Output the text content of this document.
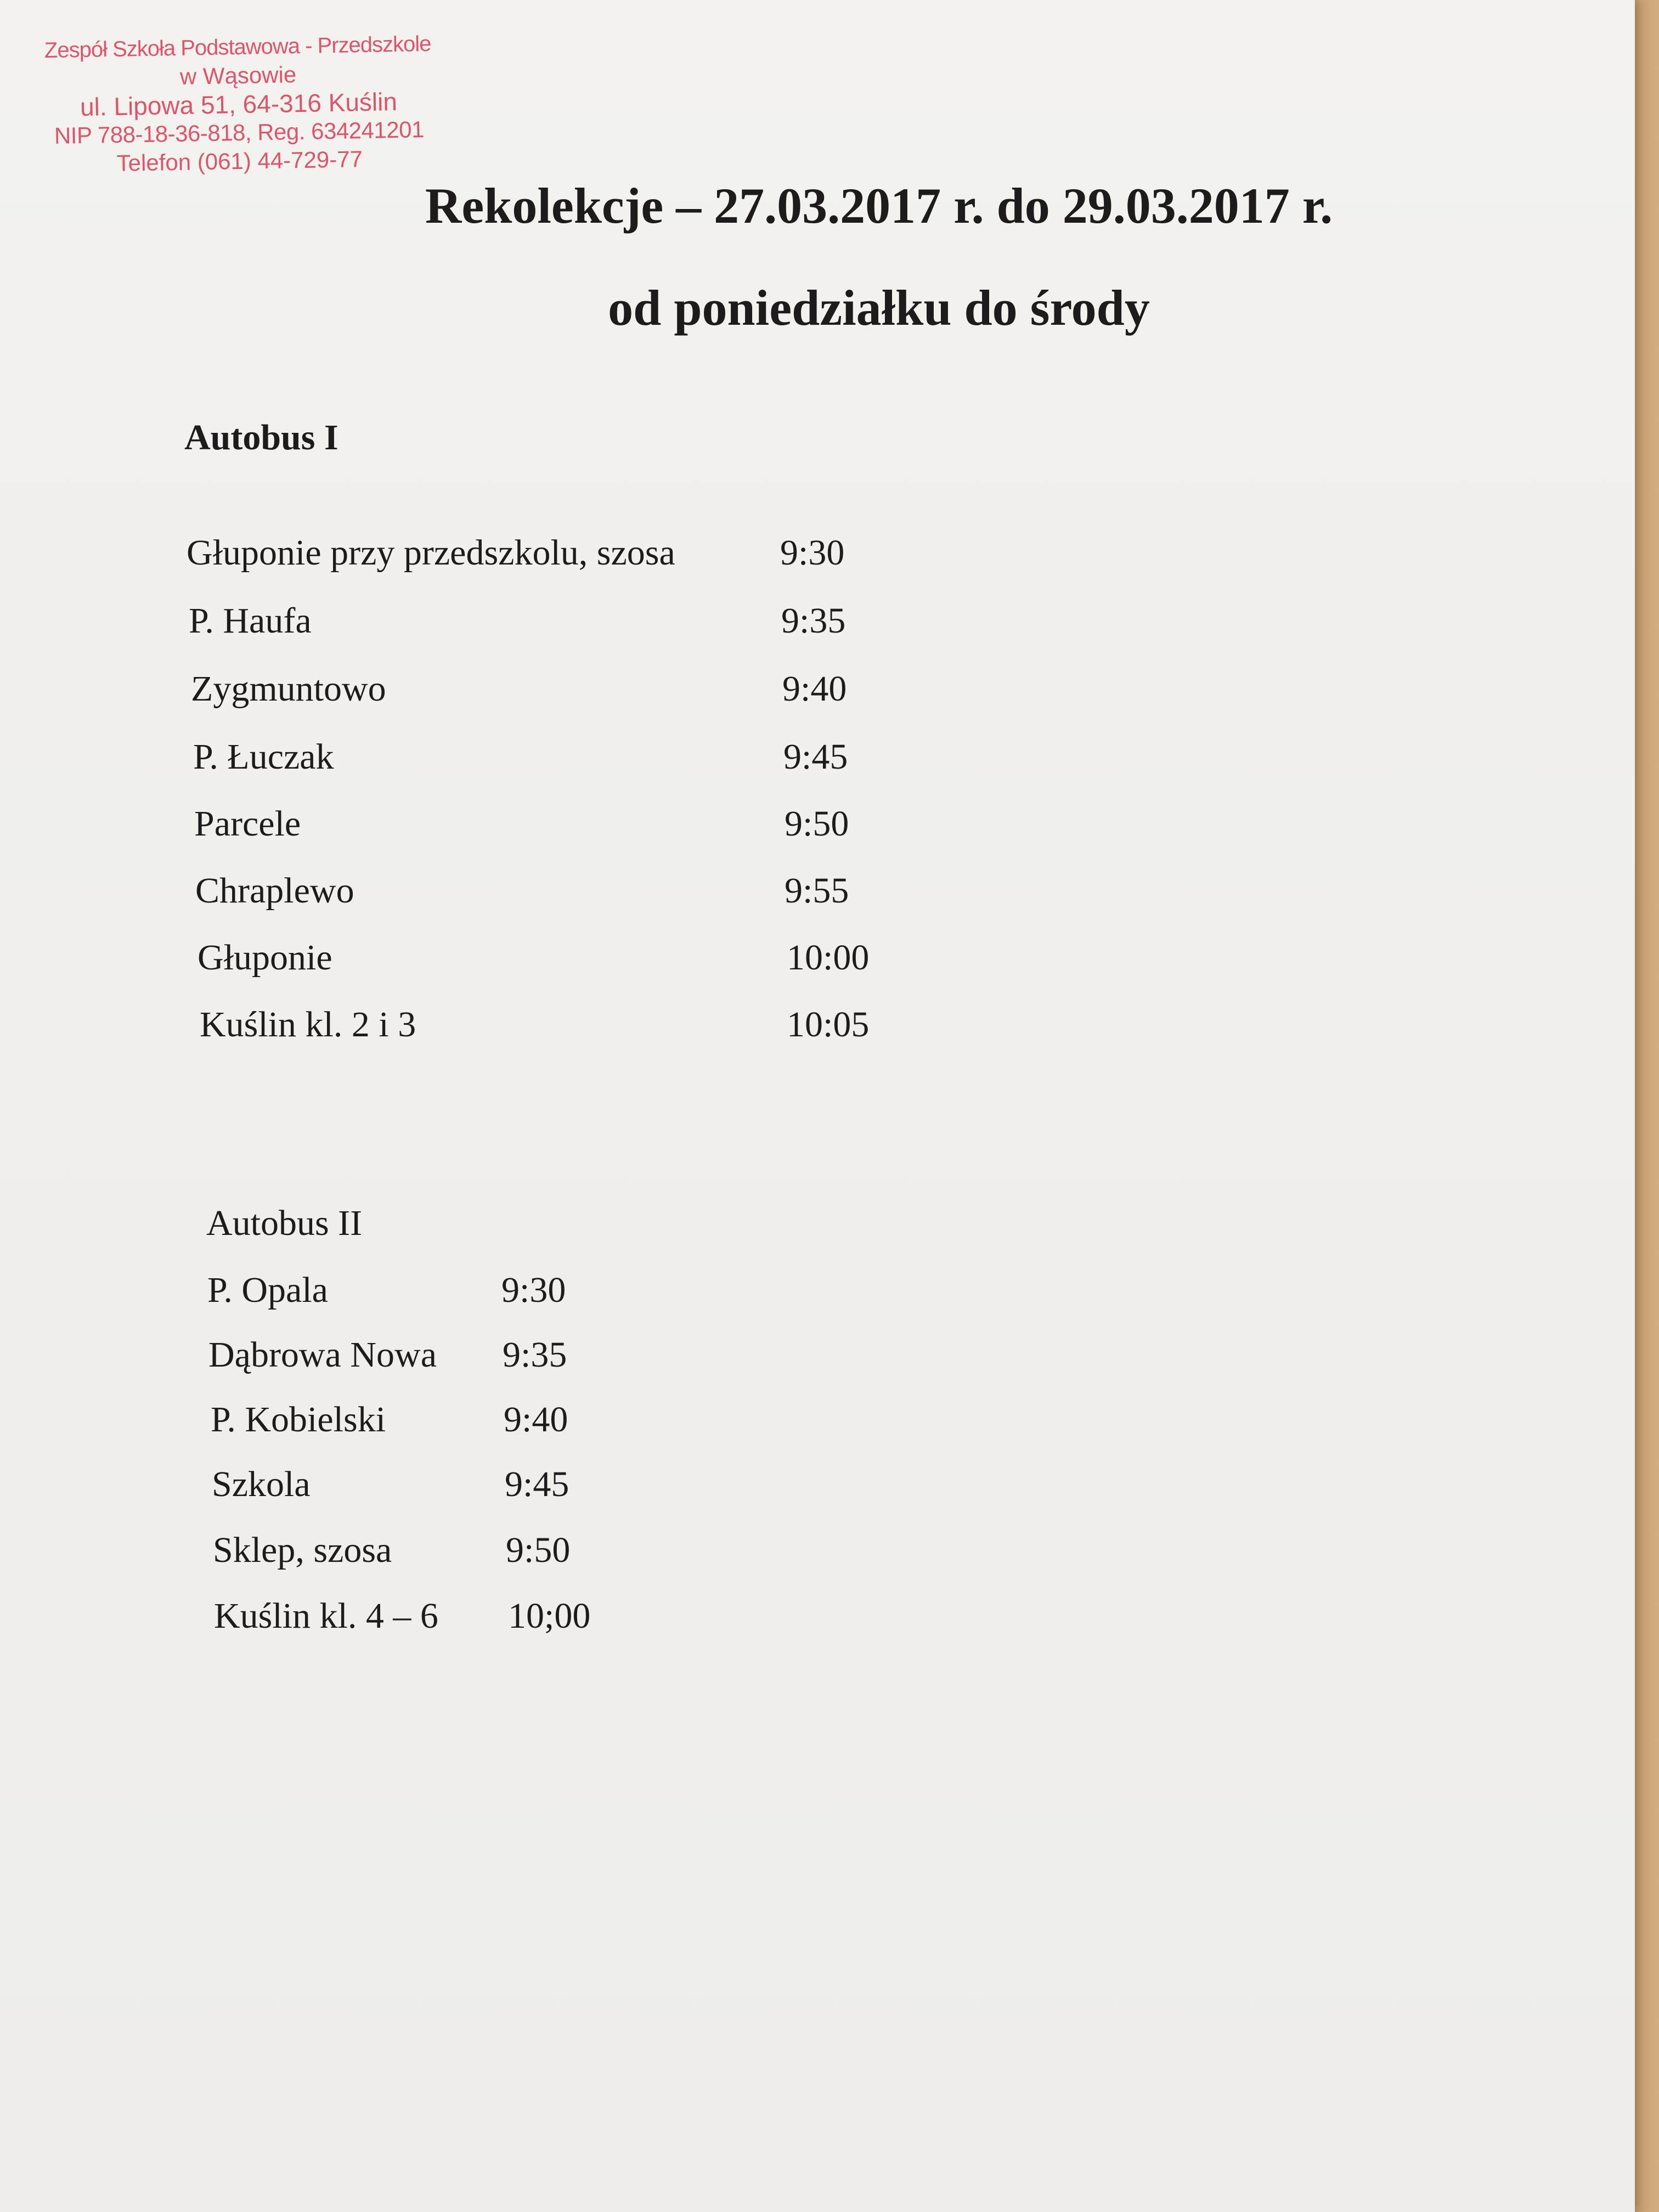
Zespół Szkoła Podstawowa - Przedszkole
w Wąsowie
ul. Lipowa 51, 64-316 Kuślin
NIP 788-18-36-818, Reg. 634241201
Telefon (061) 44-729-77
Rekolekcje – 27.03.2017 r. do 29.03.2017 r.
od poniedziałku do środy
Autobus I
Głuponie przy przedszkolu, szosa	9:30
P. Haufa	9:35
Zygmuntowo	9:40
P. Łuczak	9:45
Parcele	9:50
Chraplewo	9:55
Głuponie	10:00
Kuślin kl. 2 i 3	10:05
Autobus II
P. Opala	9:30
Dąbrowa Nowa 9:35
P. Kobielski	9:40
Szkola	9:45
Sklep, szosa	9:50
Kuślin kl. 4 – 6 10;00
